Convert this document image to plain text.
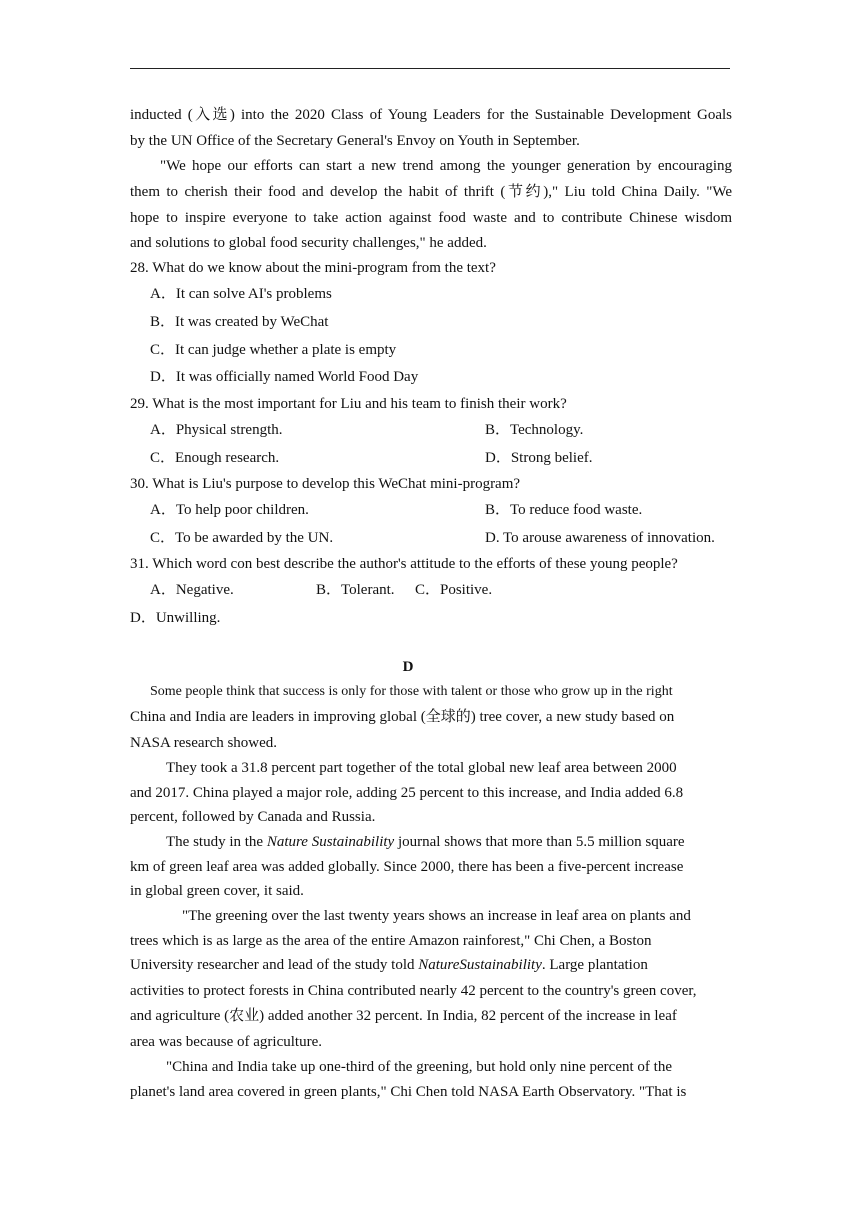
inducted (入选) into the 2020 Class of Young Leaders for the Sustainable Development Goals
by the UN Office of the Secretary General's Envoy on Youth in September.
"We hope our efforts can start a new trend among the younger generation by encouraging
them to cherish their food and develop the habit of thrift (节约)," Liu told China Daily. "We
hope to inspire everyone to take action against food waste and to contribute Chinese wisdom
and solutions to global food security challenges," he added.
28. What do we know about the mini-program from the text?
A．It can solve AI's problems
B．It was created by WeChat
C．It can judge whether a plate is empty
D．It was officially named World Food Day
29. What is the most important for Liu and his team to finish their work?
A．Physical strength.	B．Technology.
C．Enough research.	D．Strong belief.
30. What is Liu's purpose to develop this WeChat mini-program?
A．To help poor children.	B．To reduce food waste.
C．To be awarded by the UN.	D. To arouse awareness of innovation.
31. Which word con best describe the author's attitude to the efforts of these young people?
A．Negative.	B．Tolerant. C．Positive.
D．Unwilling.
D
Some people think that success is only for those with talent or those who grow up in the right
China and India are leaders in improving global (全球的) tree cover, a new study based on
NASA research showed.
They took a 31.8 percent part together of the total global new leaf area between 2000
and 2017. China played a major role, adding 25 percent to this increase, and India added 6.8
percent, followed by Canada and Russia.
The study in the Nature Sustainability journal shows that more than 5.5 million square
km of green leaf area was added globally. Since 2000, there has been a five-percent increase
in global green cover, it said.
"The greening over the last twenty years shows an increase in leaf area on plants and
trees which is as large as the area of the entire Amazon rainforest," Chi Chen, a Boston
University researcher and lead of the study told NatureSustainability. Large plantation
activities to protect forests in China contributed nearly 42 percent to the country's green cover,
and agriculture (农业) added another 32 percent. In India, 82 percent of the increase in leaf
area was because of agriculture.
"China and India take up one-third of the greening, but hold only nine percent of the
planet's land area covered in green plants," Chi Chen told NASA Earth Observatory. "That is
